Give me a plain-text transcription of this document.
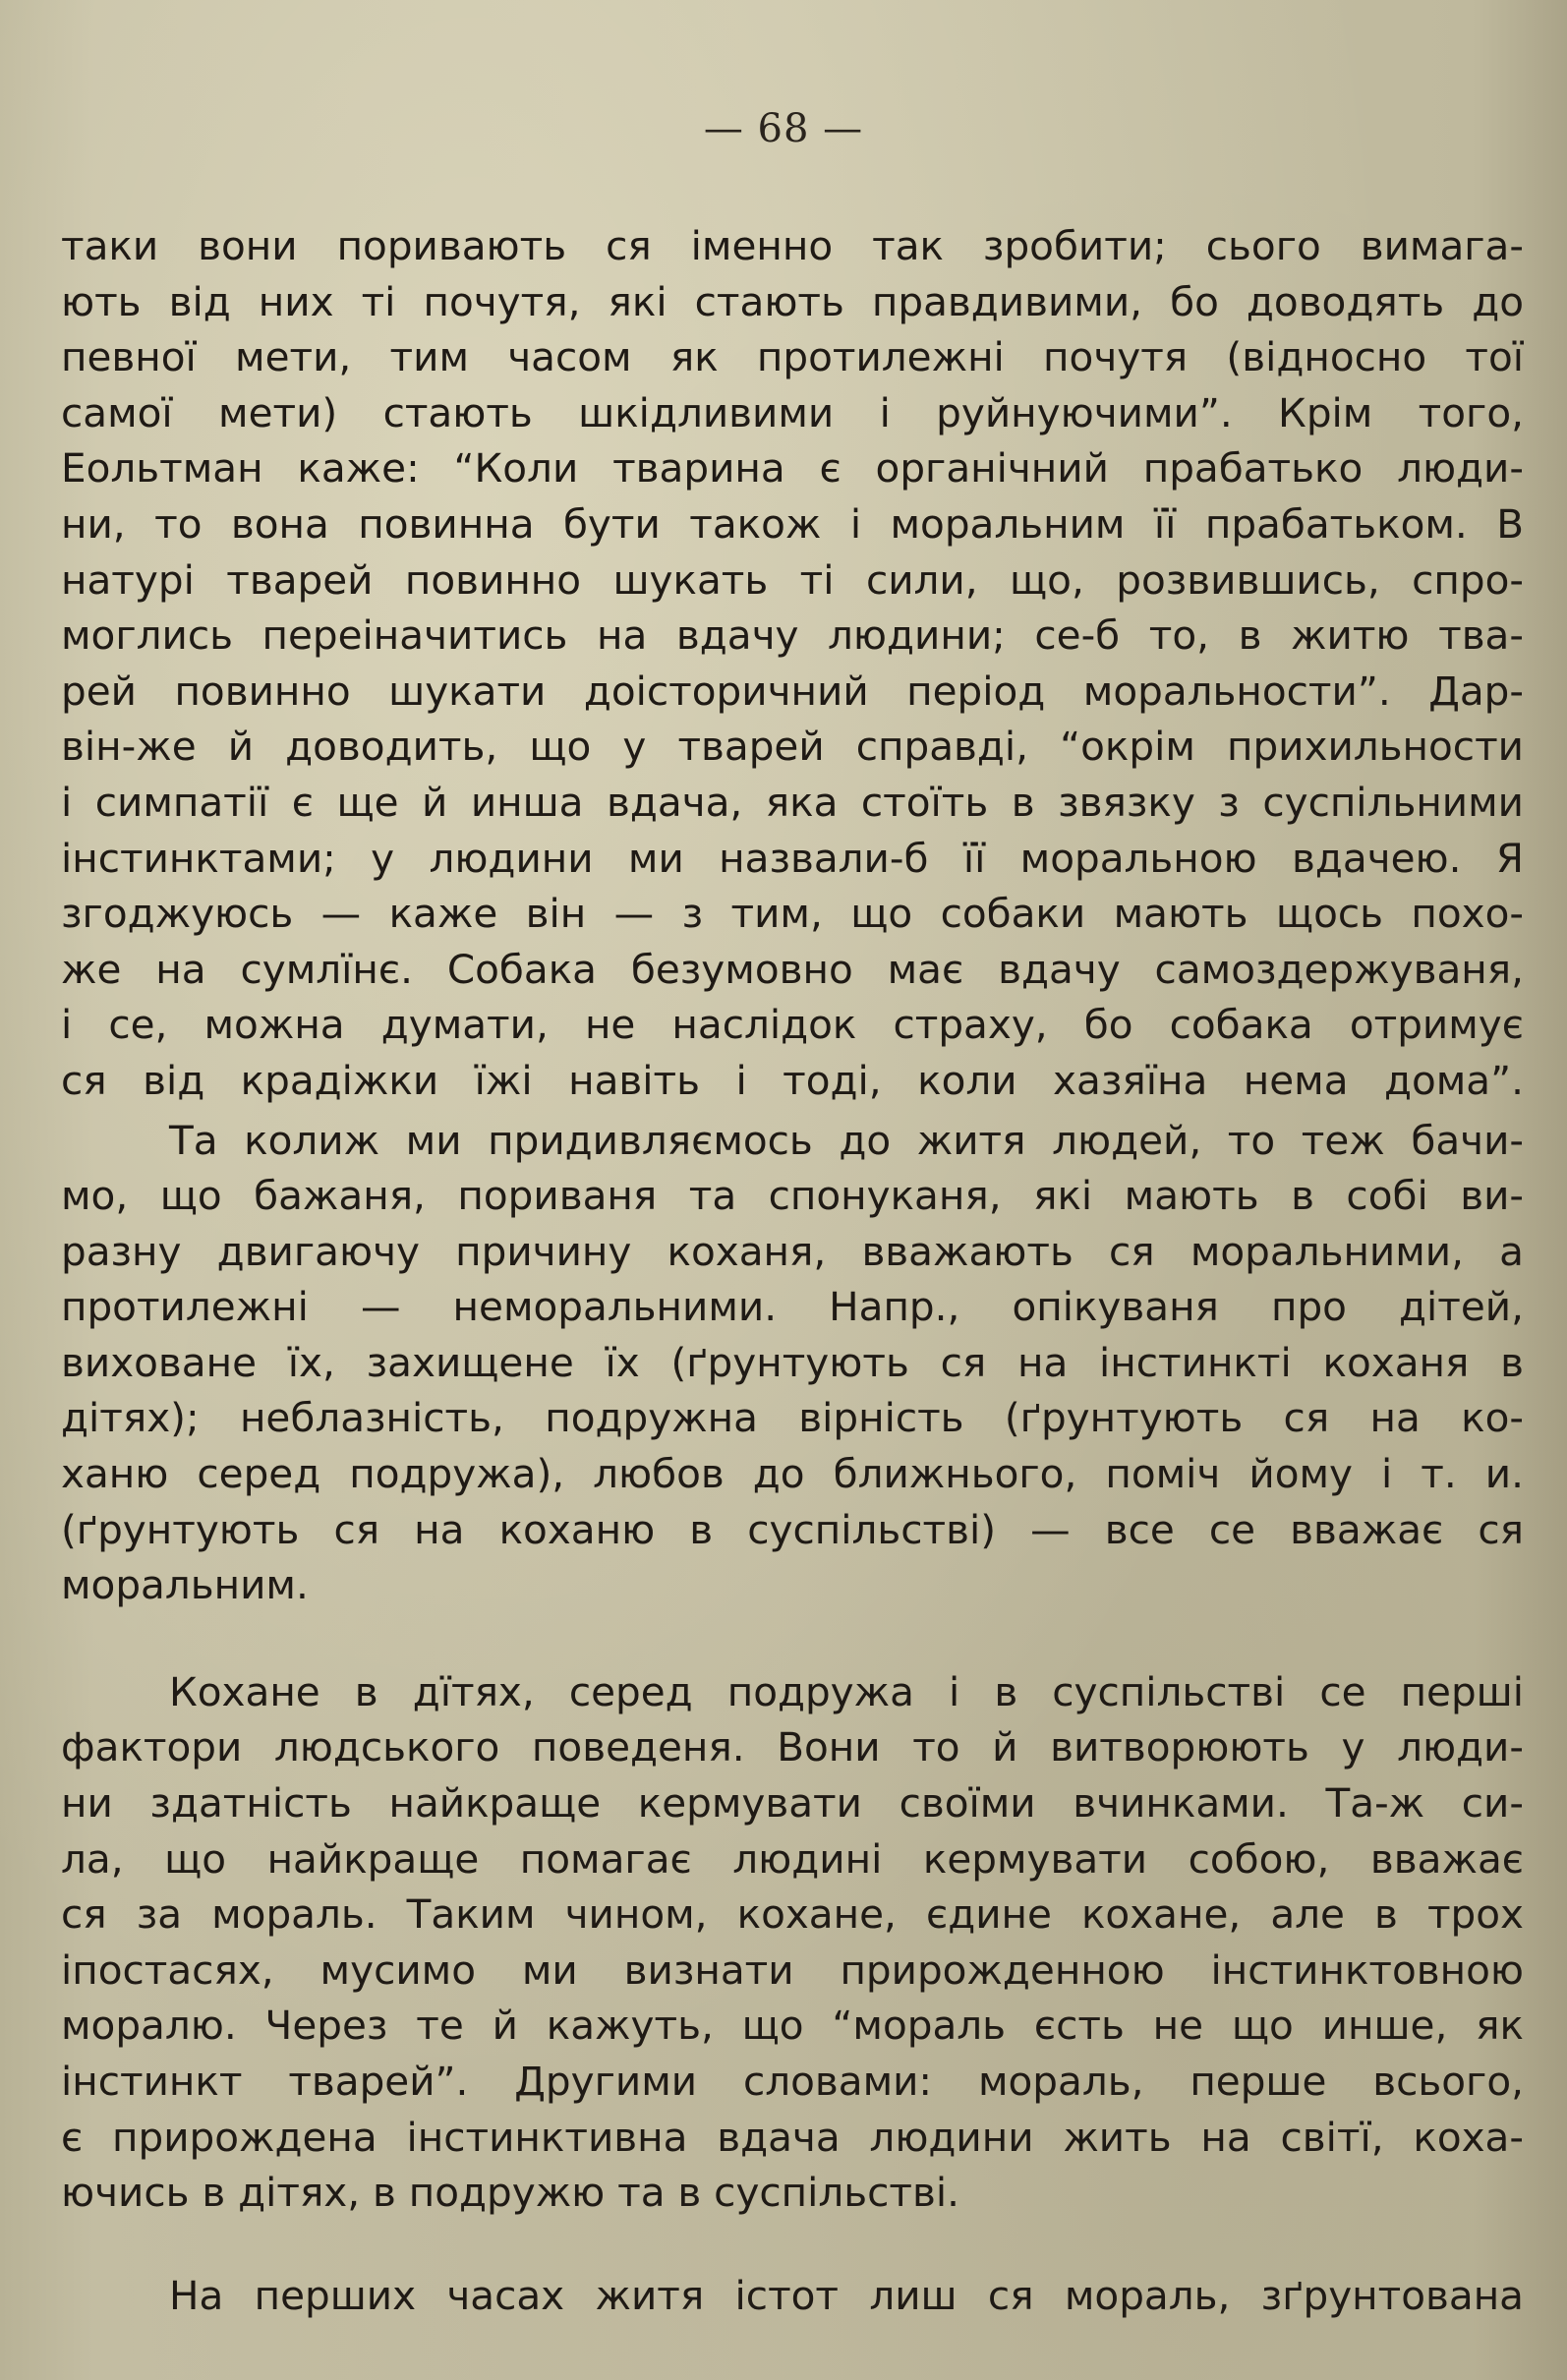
— 68 —
таки вони поривають ся іменно так зробити; сього вимага-
ють від них ті почутя, які стають правдивими, бо доводять до
певної мети, тим часом як протилежні почутя (відносно тої
самої мети) стають шкідливими і руйнуючими”. Крім того,
Еольтман каже: “Коли тварина є органічний прабатько люди-
ни, то вона повинна бути також і моральним її прабатьком. В
натурі тварей повинно шукать ті сили, що, розвившись, спро-
моглись переіначитись на вдачу людини; се-б то, в житю тва-
рей повинно шукати доісторичний період моральности”. Дар-
він-же й доводить, що у тварей справді, “окрім прихильности
і симпатії є ще й инша вдача, яка стоїть в звязку з суспільними
інстинктами; у людини ми назвали-б її моральною вдачею. Я
згоджуюсь — каже він — з тим, що собаки мають щось похо-
же на сумлїнє. Собака безумовно має вдачу самоздержуваня,
і се, можна думати, не наслідок страху, бо собака отримує
ся від крадіжки їжі навіть і тоді, коли хазяїна нема дома”.
Та колиж ми придивляємось до житя людей, то теж бачи-
мо, що бажаня, пориваня та спонуканя, які мають в собі ви-
разну двигаючу причину коханя, вважають ся моральними, а
протилежні — неморальними. Напр., опікуваня про дітей,
виховане їх, захищене їх (ґрунтують ся на інстинкті коханя в
дітях); неблазність, подружна вірність (ґрунтують ся на ко-
ханю серед подружа), любов до ближнього, поміч йому і т. и.
(ґрунтують ся на коханю в суспільстві) — все се вважає ся
моральним.
Кохане в дїтях, серед подружа і в суспільстві се перші
фактори людського поведеня. Вони то й витворюють у люди-
ни здатність найкраще кермувати своїми вчинками. Та-ж си-
ла, що найкраще помагає людині кермувати собою, вважає
ся за мораль. Таким чином, кохане, єдине кохане, але в трох
іпостасях, мусимо ми визнати прирожденною інстинктовною
моралю. Через те й кажуть, що “мораль єсть не що инше, як
інстинкт тварей”. Другими словами: мораль, перше всього,
є прирождена інстинктивна вдача людини жить на світї, коха-
ючись в дітях, в подружю та в суспільстві.
На перших часах житя істот лиш ся мораль, зґрунтована
